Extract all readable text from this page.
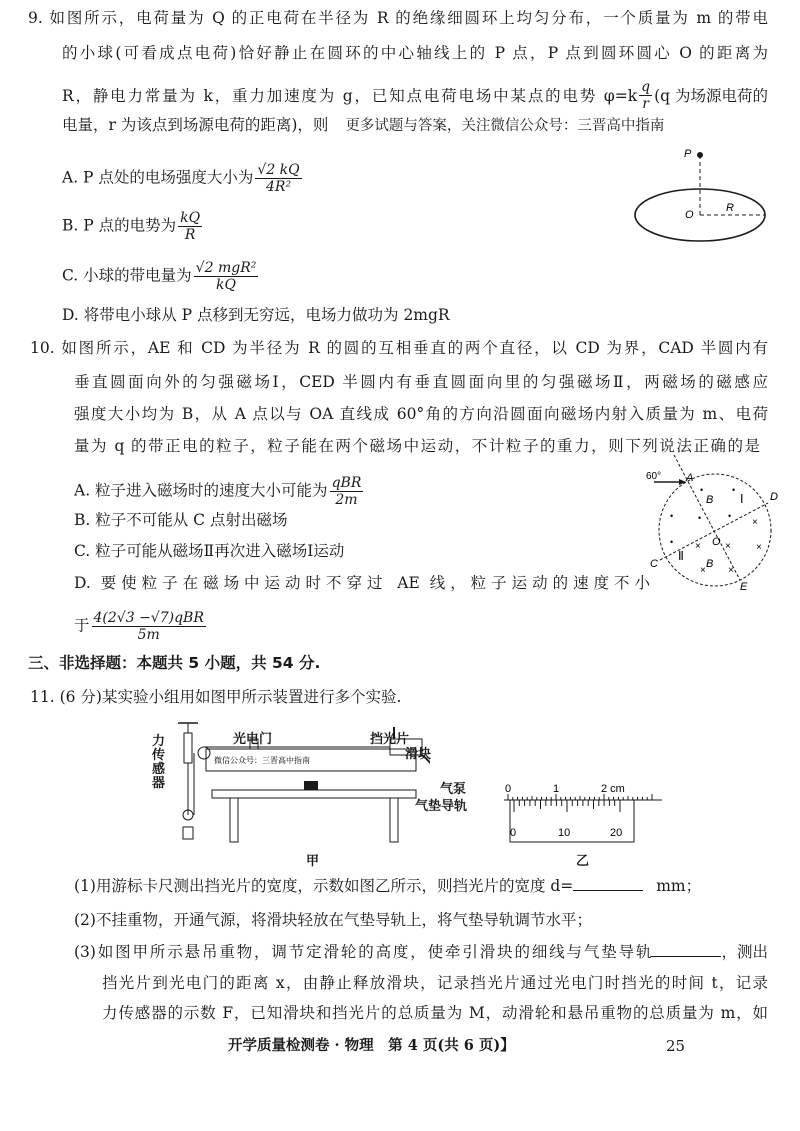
9. 如图所示，电荷量为 Q 的正电荷在半径为 R 的绝缘细圆环上均匀分布，一个质量为 m 的带电
的小球(可看成点电荷)恰好静止在圆环的中心轴线上的 P 点，P 点到圆环圆心 O 的距离为
R，静电力常量为 k，重力加速度为 g，已知点电荷电场中某点的电势 $\varphi=k \frac{q}{r} (q$ 为场源电荷的
电量，r 为该点到场源电荷的距离)，则 更多试题与答案，关注微信公众号：三晋高中指南
A. P 点处的电场强度大小为 $\frac{√2 kQ}{\text{4R²}}$
B. P 点的电势为 $\frac{kQ}{R}$
C. 小球的带电量为 $\frac{\text{√2 mgR²}}{kQ}$
D. 将带电小球从 P 点移到无穷远，电场力做功为 2mgR
P
O
R
10. 如图所示，AE 和 CD 为半径为 R 的圆的互相垂直的两个直径，以 CD 为界，CAD 半圆内有
垂直圆面向外的匀强磁场Ⅰ，CED 半圆内有垂直圆面向里的匀强磁场Ⅱ，两磁场的磁感应
强度大小均为 B，从 A 点以与 OA 直线成 60°角的方向沿圆面向磁场内射入质量为 m、电荷
量为 q 的带正电的粒子，粒子能在两个磁场中运动，不计粒子的重力，则下列说法正确的是
A. 粒子进入磁场时的速度大小可能为 $\frac{\text{qBR}}{2m}$
B. 粒子不可能从 C 点射出磁场
C. 粒子可能从磁场Ⅱ再次进入磁场Ⅰ运动
D. 要使粒子在磁场中运动时不穿过 AE 线，粒子运动的速度不小
于 $\frac{\text{4(2√3 −√7)qBR}}{5m}$
60° A
D
C
E
O
B
B
Ⅰ
Ⅱ
•	•
•	•	•
•
×
× ×	×
× ×
三、非选择题：本题共 5 小题，共 54 分.
11. (6 分)某实验小组用如图甲所示装置进行多个实验.
微信公众号：三晋高中指南
力传感器
光电门	挡光片
滑块
气泵
气垫导轨
甲
0	1	2 cm
0	10	20
乙
(1)用游标卡尺测出挡光片的宽度，示数如图乙所示，则挡光片的宽度 d=	mm；
(2)不挂重物，开通气源，将滑块轻放在气垫导轨上，将气垫导轨调节水平；
(3)如图甲所示悬吊重物，调节定滑轮的高度，使牵引滑块的细线与气垫导轨	，测出
挡光片到光电门的距离 x，由静止释放滑块，记录挡光片通过光电门时挡光的时间 t，记录
力传感器的示数 F，已知滑块和挡光片的总质量为 M，动滑轮和悬吊重物的总质量为 m，如
开学质量检测卷 · 物理　第 4 页(共 6 页)】	25
